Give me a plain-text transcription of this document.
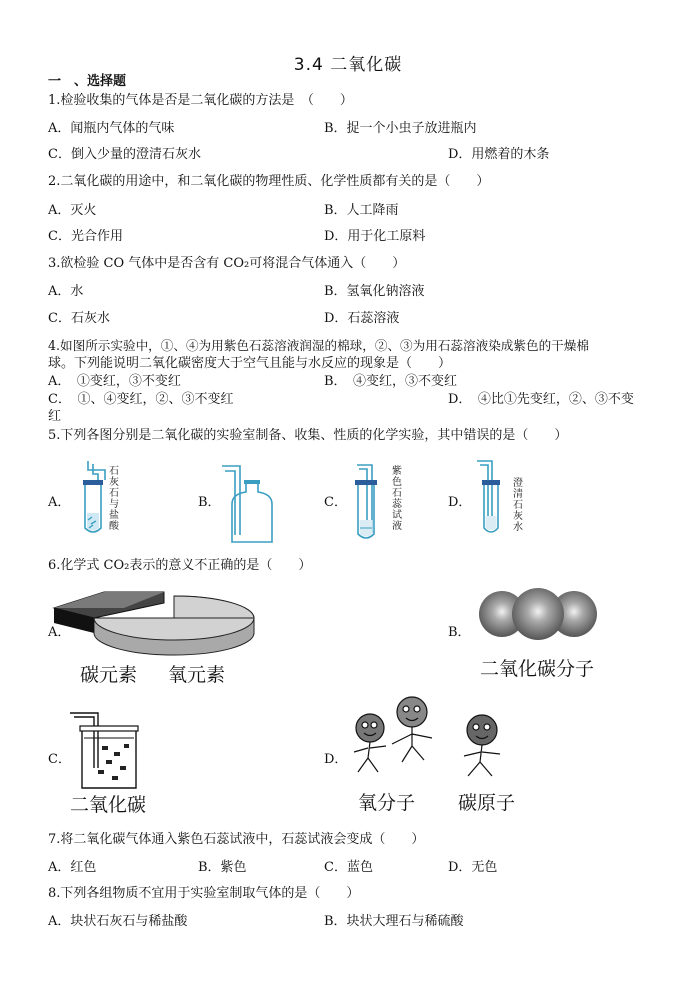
3.4 二氧化碳
一　、选择题
1.检验收集的气体是否是二氧化碳的方法是　（　　）
A．闻瓶内气体的气味	B．捉一个小虫子放进瓶内
C．倒入少量的澄清石灰水	D．用燃着的木条
2.二氧化碳的用途中，和二氧化碳的物理性质、化学性质都有关的是（　　）
A．灭火	B．人工降雨
C．光合作用	D．用于化工原料
3.欲检验 CO 气体中是否含有 CO₂可将混合气体通入（　　）
A．水	B．氢氧化钠溶液
C．石灰水	D．石蕊溶液
4.如图所示实验中，①、④为用紫色石蕊溶液润湿的棉球，②、③为用石蕊溶液染成紫色的干燥棉
球。下列能说明二氧化碳密度大于空气且能与水反应的现象是（　　）
A．　①变红，③不变红	B．　④变红，③不变红
C．　①、④变红，②、③不变红	D．　④比①先变红，②、③不变
红
5.下列各图分别是二氧化碳的实验室制备、收集、性质的化学实验，其中错误的是（　　）
A．	B．	C．	D．
石灰石与盐酸
紫色石蕊试液
澄清石灰水
6.化学式 CO₂表示的意义不正确的是（　　）
A．	B．
碳元素 氧元素	二氧化碳分子
C．	D．
二氧化碳	氧分子 碳原子
7.将二氧化碳气体通入紫色石蕊试液中，石蕊试液会变成（　　）
A．红色	B．紫色	C．蓝色	D．无色
8.下列各组物质不宜用于实验室制取气体的是（　　）
A．块状石灰石与稀盐酸	B．块状大理石与稀硫酸
